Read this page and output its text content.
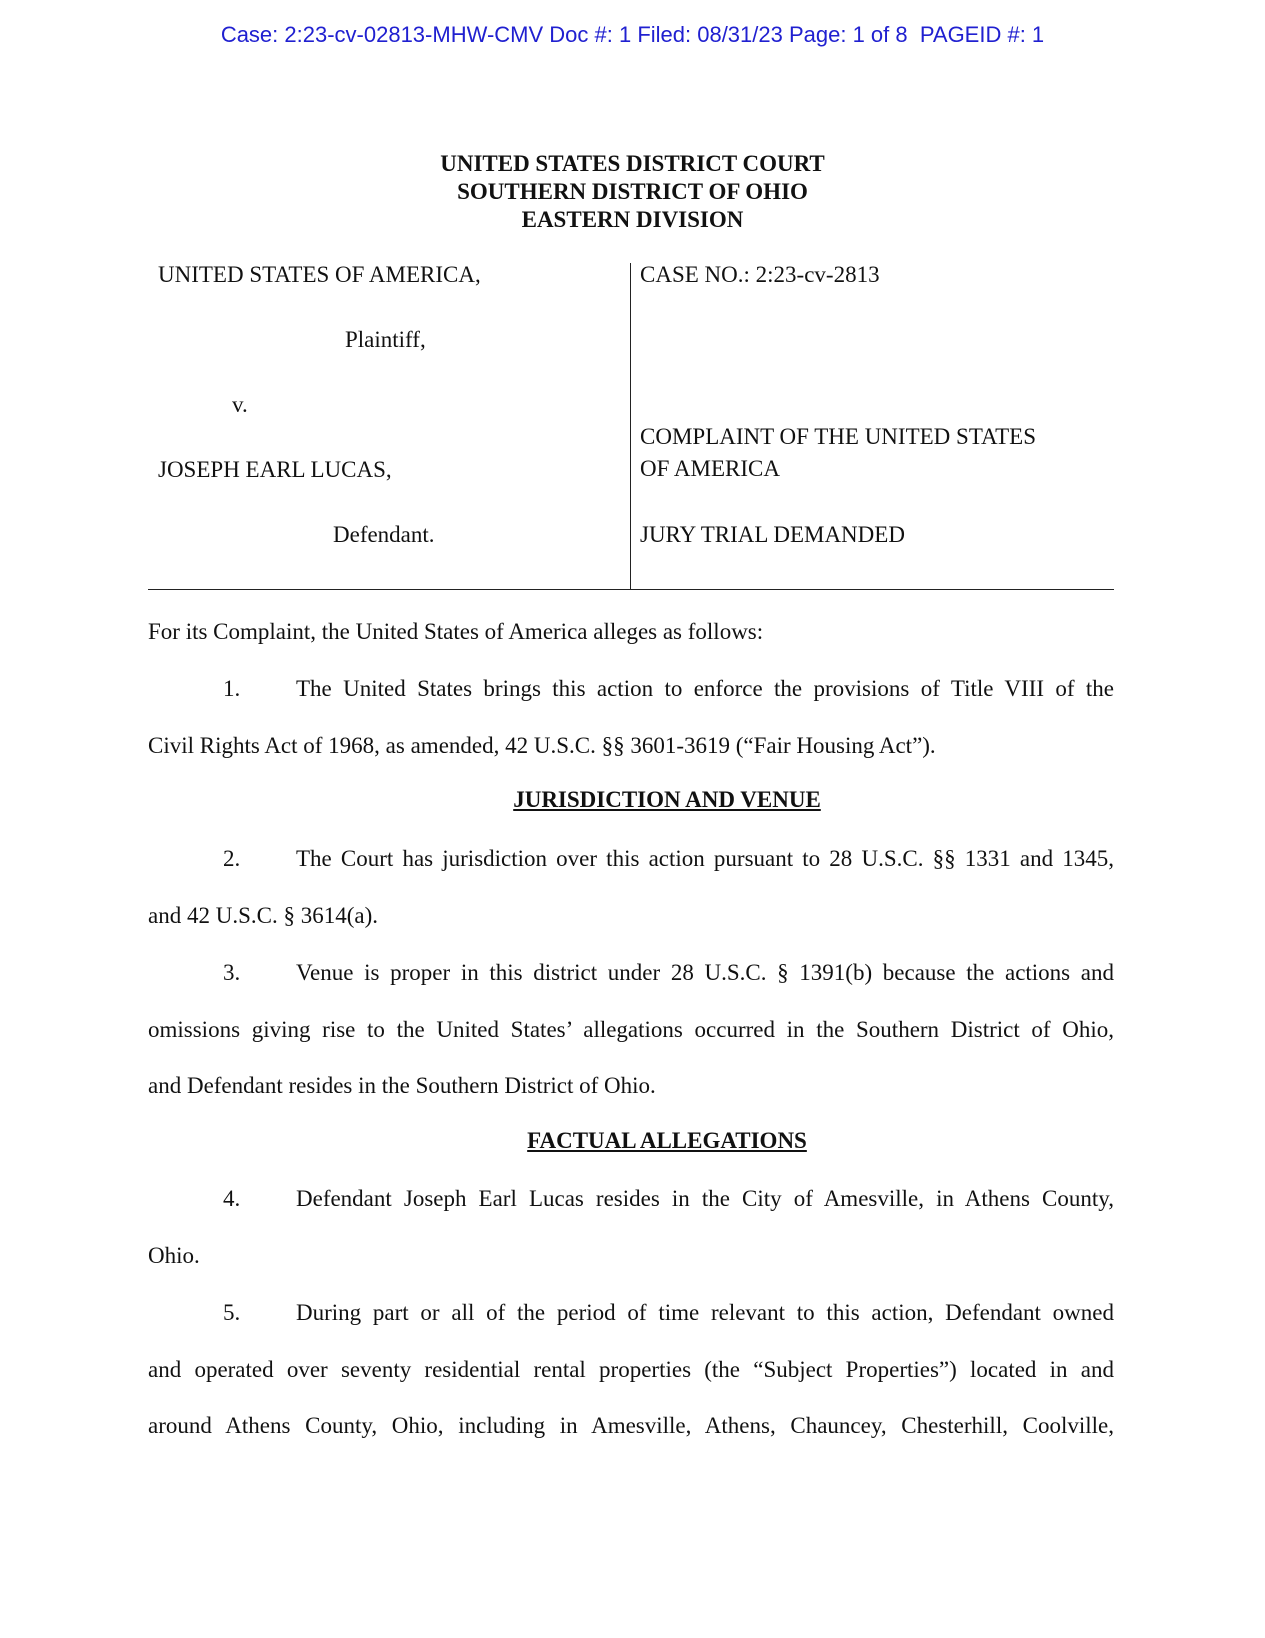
Case: 2:23-cv-02813-MHW-CMV Doc #: 1 Filed: 08/31/23 Page: 1 of 8  PAGEID #: 1
UNITED STATES DISTRICT COURT
SOUTHERN DISTRICT OF OHIO
EASTERN DIVISION
UNITED STATES OF AMERICA,
Plaintiff,
v.
JOSEPH EARL LUCAS,
Defendant.
CASE NO.: 2:23-cv-2813
COMPLAINT OF THE UNITED STATES
OF AMERICA
JURY TRIAL DEMANDED
For its Complaint, the United States of America alleges as follows:
1. The United States brings this action to enforce the provisions of Title VIII of the
Civil Rights Act of 1968, as amended, 42 U.S.C. §§ 3601-3619 (“Fair Housing Act”).
JURISDICTION AND VENUE
2. The Court has jurisdiction over this action pursuant to 28 U.S.C. §§ 1331 and 1345,
and 42 U.S.C. § 3614(a).
3. Venue is proper in this district under 28 U.S.C. § 1391(b) because the actions and
omissions giving rise to the United States’ allegations occurred in the Southern District of Ohio,
and Defendant resides in the Southern District of Ohio.
FACTUAL ALLEGATIONS
4. Defendant Joseph Earl Lucas resides in the City of Amesville, in Athens County,
Ohio.
5. During part or all of the period of time relevant to this action, Defendant owned
and operated over seventy residential rental properties (the “Subject Properties”) located in and
around Athens County, Ohio, including in Amesville, Athens, Chauncey, Chesterhill, Coolville,
